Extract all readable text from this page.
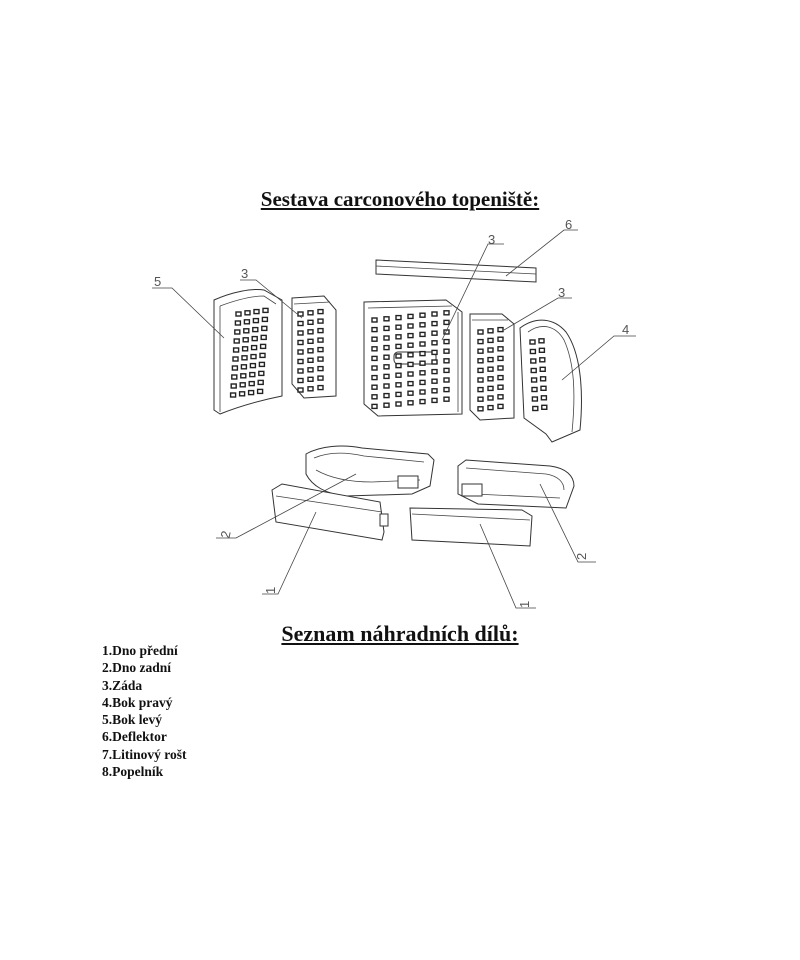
Sestava carconového topeniště:
3
6
5
3
3
4
2
2
1
1
Seznam náhradních dílů:
1.Dno přední
2.Dno zadní
3.Záda
4.Bok pravý
5.Bok levý
6.Deflektor
7.Litinový rošt
8.Popelník
